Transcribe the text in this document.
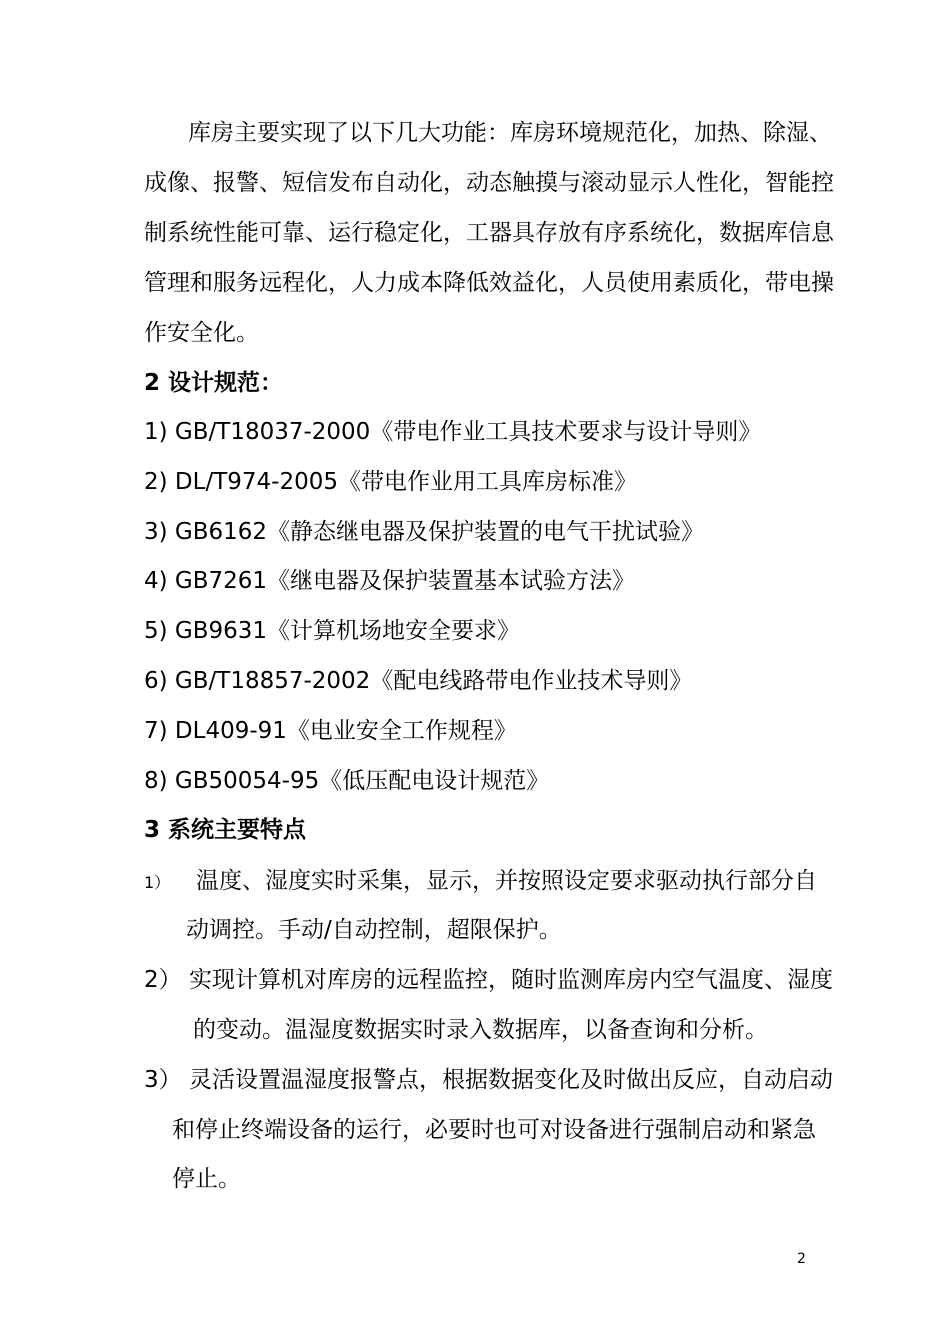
库房主要实现了以下几大功能：库房环境规范化，加热、除湿、
成像、报警、短信发布自动化，动态触摸与滚动显示人性化，智能控
制系统性能可靠、运行稳定化，工器具存放有序系统化，数据库信息
管理和服务远程化，人力成本降低效益化，人员使用素质化，带电操
作安全化。
2 设计规范：
1) GB/T18037-2000《带电作业工具技术要求与设计导则》
2) DL/T974-2005《带电作业用工具库房标准》
3) GB6162《静态继电器及保护装置的电气干扰试验》
4) GB7261《继电器及保护装置基本试验方法》
5) GB9631《计算机场地安全要求》
6) GB/T18857-2002《配电线路带电作业技术导则》
7) DL409-91《电业安全工作规程》
8) GB50054-95《低压配电设计规范》
3 系统主要特点
1） 温度、湿度实时采集，显示，并按照设定要求驱动执行部分自
动调控。手动/自动控制，超限保护。
2） 实现计算机对库房的远程监控，随时监测库房内空气温度、湿度
的变动。温湿度数据实时录入数据库，以备查询和分析。
3） 灵活设置温湿度报警点，根据数据变化及时做出反应，自动启动
和停止终端设备的运行，必要时也可对设备进行强制启动和紧急
停止。
2
